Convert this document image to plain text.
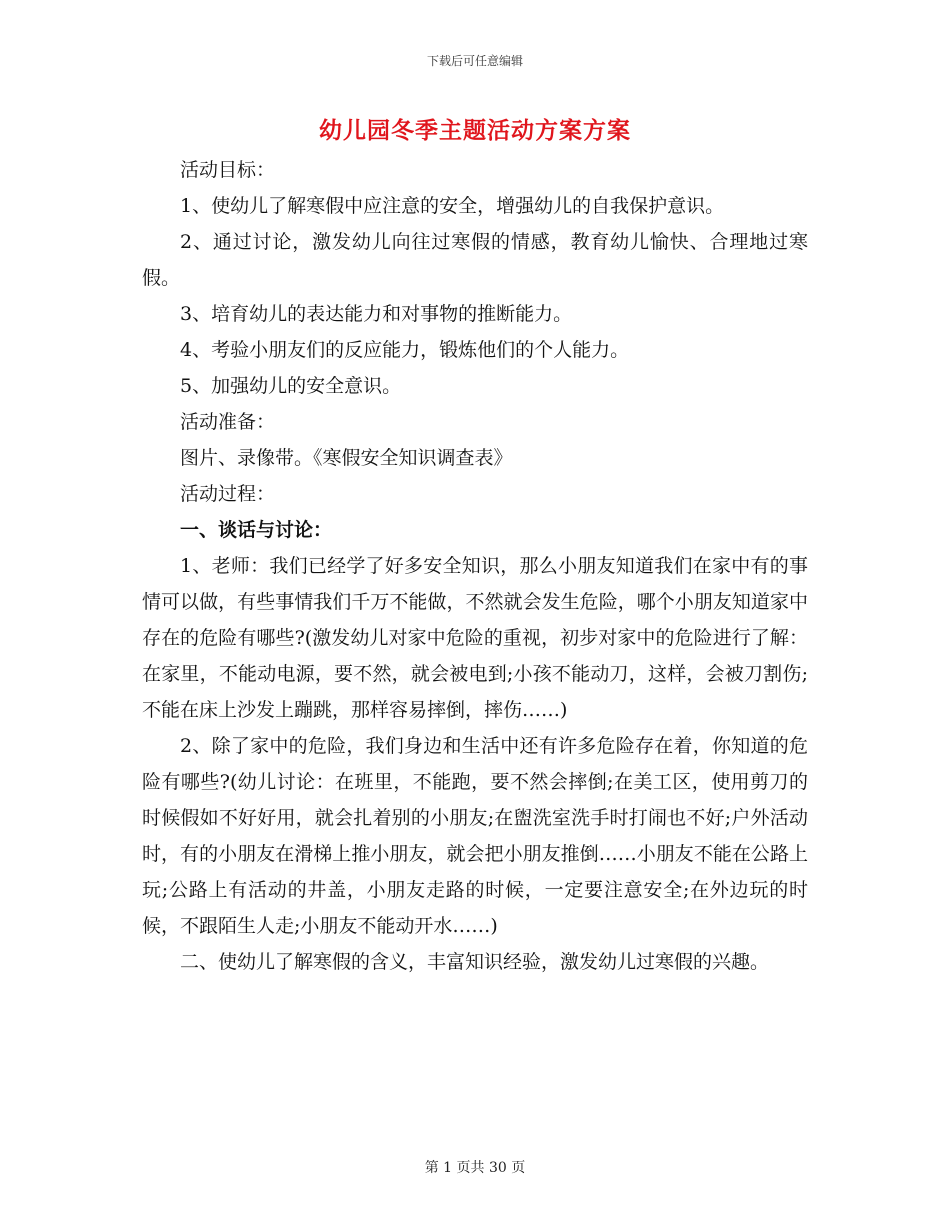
下载后可任意编辑
幼儿园冬季主题活动方案方案

活动目标：

1、使幼儿了解寒假中应注意的安全，增强幼儿的自我保护意识。

2、通过讨论，激发幼儿向往过寒假的情感，教育幼儿愉快、合理地过寒假。

3、培育幼儿的表达能力和对事物的推断能力。

4、考验小朋友们的反应能力，锻炼他们的个人能力。

5、加强幼儿的安全意识。

活动准备：

图片、录像带。《寒假安全知识调查表》

活动过程：

一、谈话与讨论：

1、老师：我们已经学了好多安全知识，那么小朋友知道我们在家中有的事情可以做，有些事情我们千万不能做，不然就会发生危险，哪个小朋友知道家中存在的危险有哪些?(激发幼儿对家中危险的重视，初步对家中的危险进行了解：在家里，不能动电源，要不然，就会被电到;小孩不能动刀，这样，会被刀割伤;不能在床上沙发上蹦跳，那样容易摔倒，摔伤……)

2、除了家中的危险，我们身边和生活中还有许多危险存在着，你知道的危险有哪些?(幼儿讨论：在班里，不能跑，要不然会摔倒;在美工区，使用剪刀的时候假如不好好用，就会扎着别的小朋友;在盥洗室洗手时打闹也不好;户外活动时，有的小朋友在滑梯上推小朋友，就会把小朋友推倒……小朋友不能在公路上玩;公路上有活动的井盖，小朋友走路的时候，一定要注意安全;在外边玩的时候，不跟陌生人走;小朋友不能动开水……)

二、使幼儿了解寒假的含义，丰富知识经验，激发幼儿过寒假的兴趣。

第 1 页共 30 页
